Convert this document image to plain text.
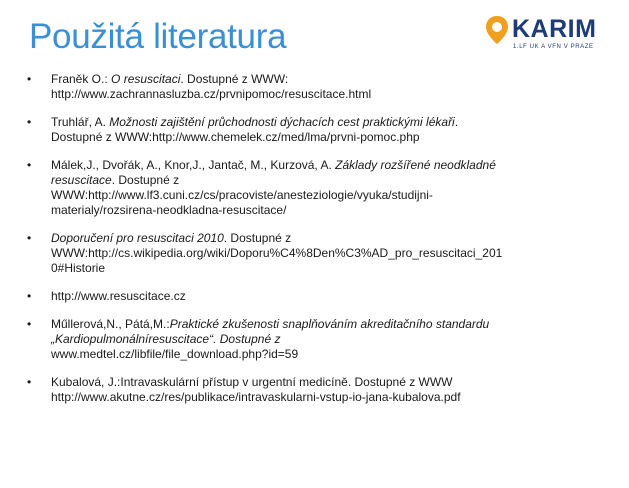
Použitá literatura	KARIM
1.LF UK A VFN V PRAZE
• Franěk O.: O resuscitaci. Dostupné z WWW:
http://www.zachrannasluzba.cz/prvnipomoc/resuscitace.html
• Truhlář, A. Možnosti zajištění průchodnosti dýchacích cest praktickými lékaři.
Dostupné z WWW:http://www.chemelek.cz/med/lma/prvni-pomoc.php
• Málek,J., Dvořák, A., Knor,J., Jantač, M., Kurzová, A. Základy rozšířené neodkladné
resuscitace. Dostupné z
WWW:http://www.lf3.cuni.cz/cs/pracoviste/anesteziologie/vyuka/studijni-
materialy/rozsirena-neodkladna-resuscitace/
• Doporučení pro resuscitaci 2010. Dostupné z
WWW:http://cs.wikipedia.org/wiki/Doporu%C4%8Den%C3%AD_pro_resuscitaci_201
0#Historie
• http://www.resuscitace.cz
• Műllerová,N., Pátá,M.:Praktické zkušenosti snaplňováním akreditačního standardu
„Kardiopulmonálníresuscitace“. Dostupné z
www.medtel.cz/libfile/file_download.php?id=59
• Kubalová, J.:Intravaskulární přístup v urgentní medicíně. Dostupné z WWW
http://www.akutne.cz/res/publikace/intravaskularni-vstup-io-jana-kubalova.pdf
